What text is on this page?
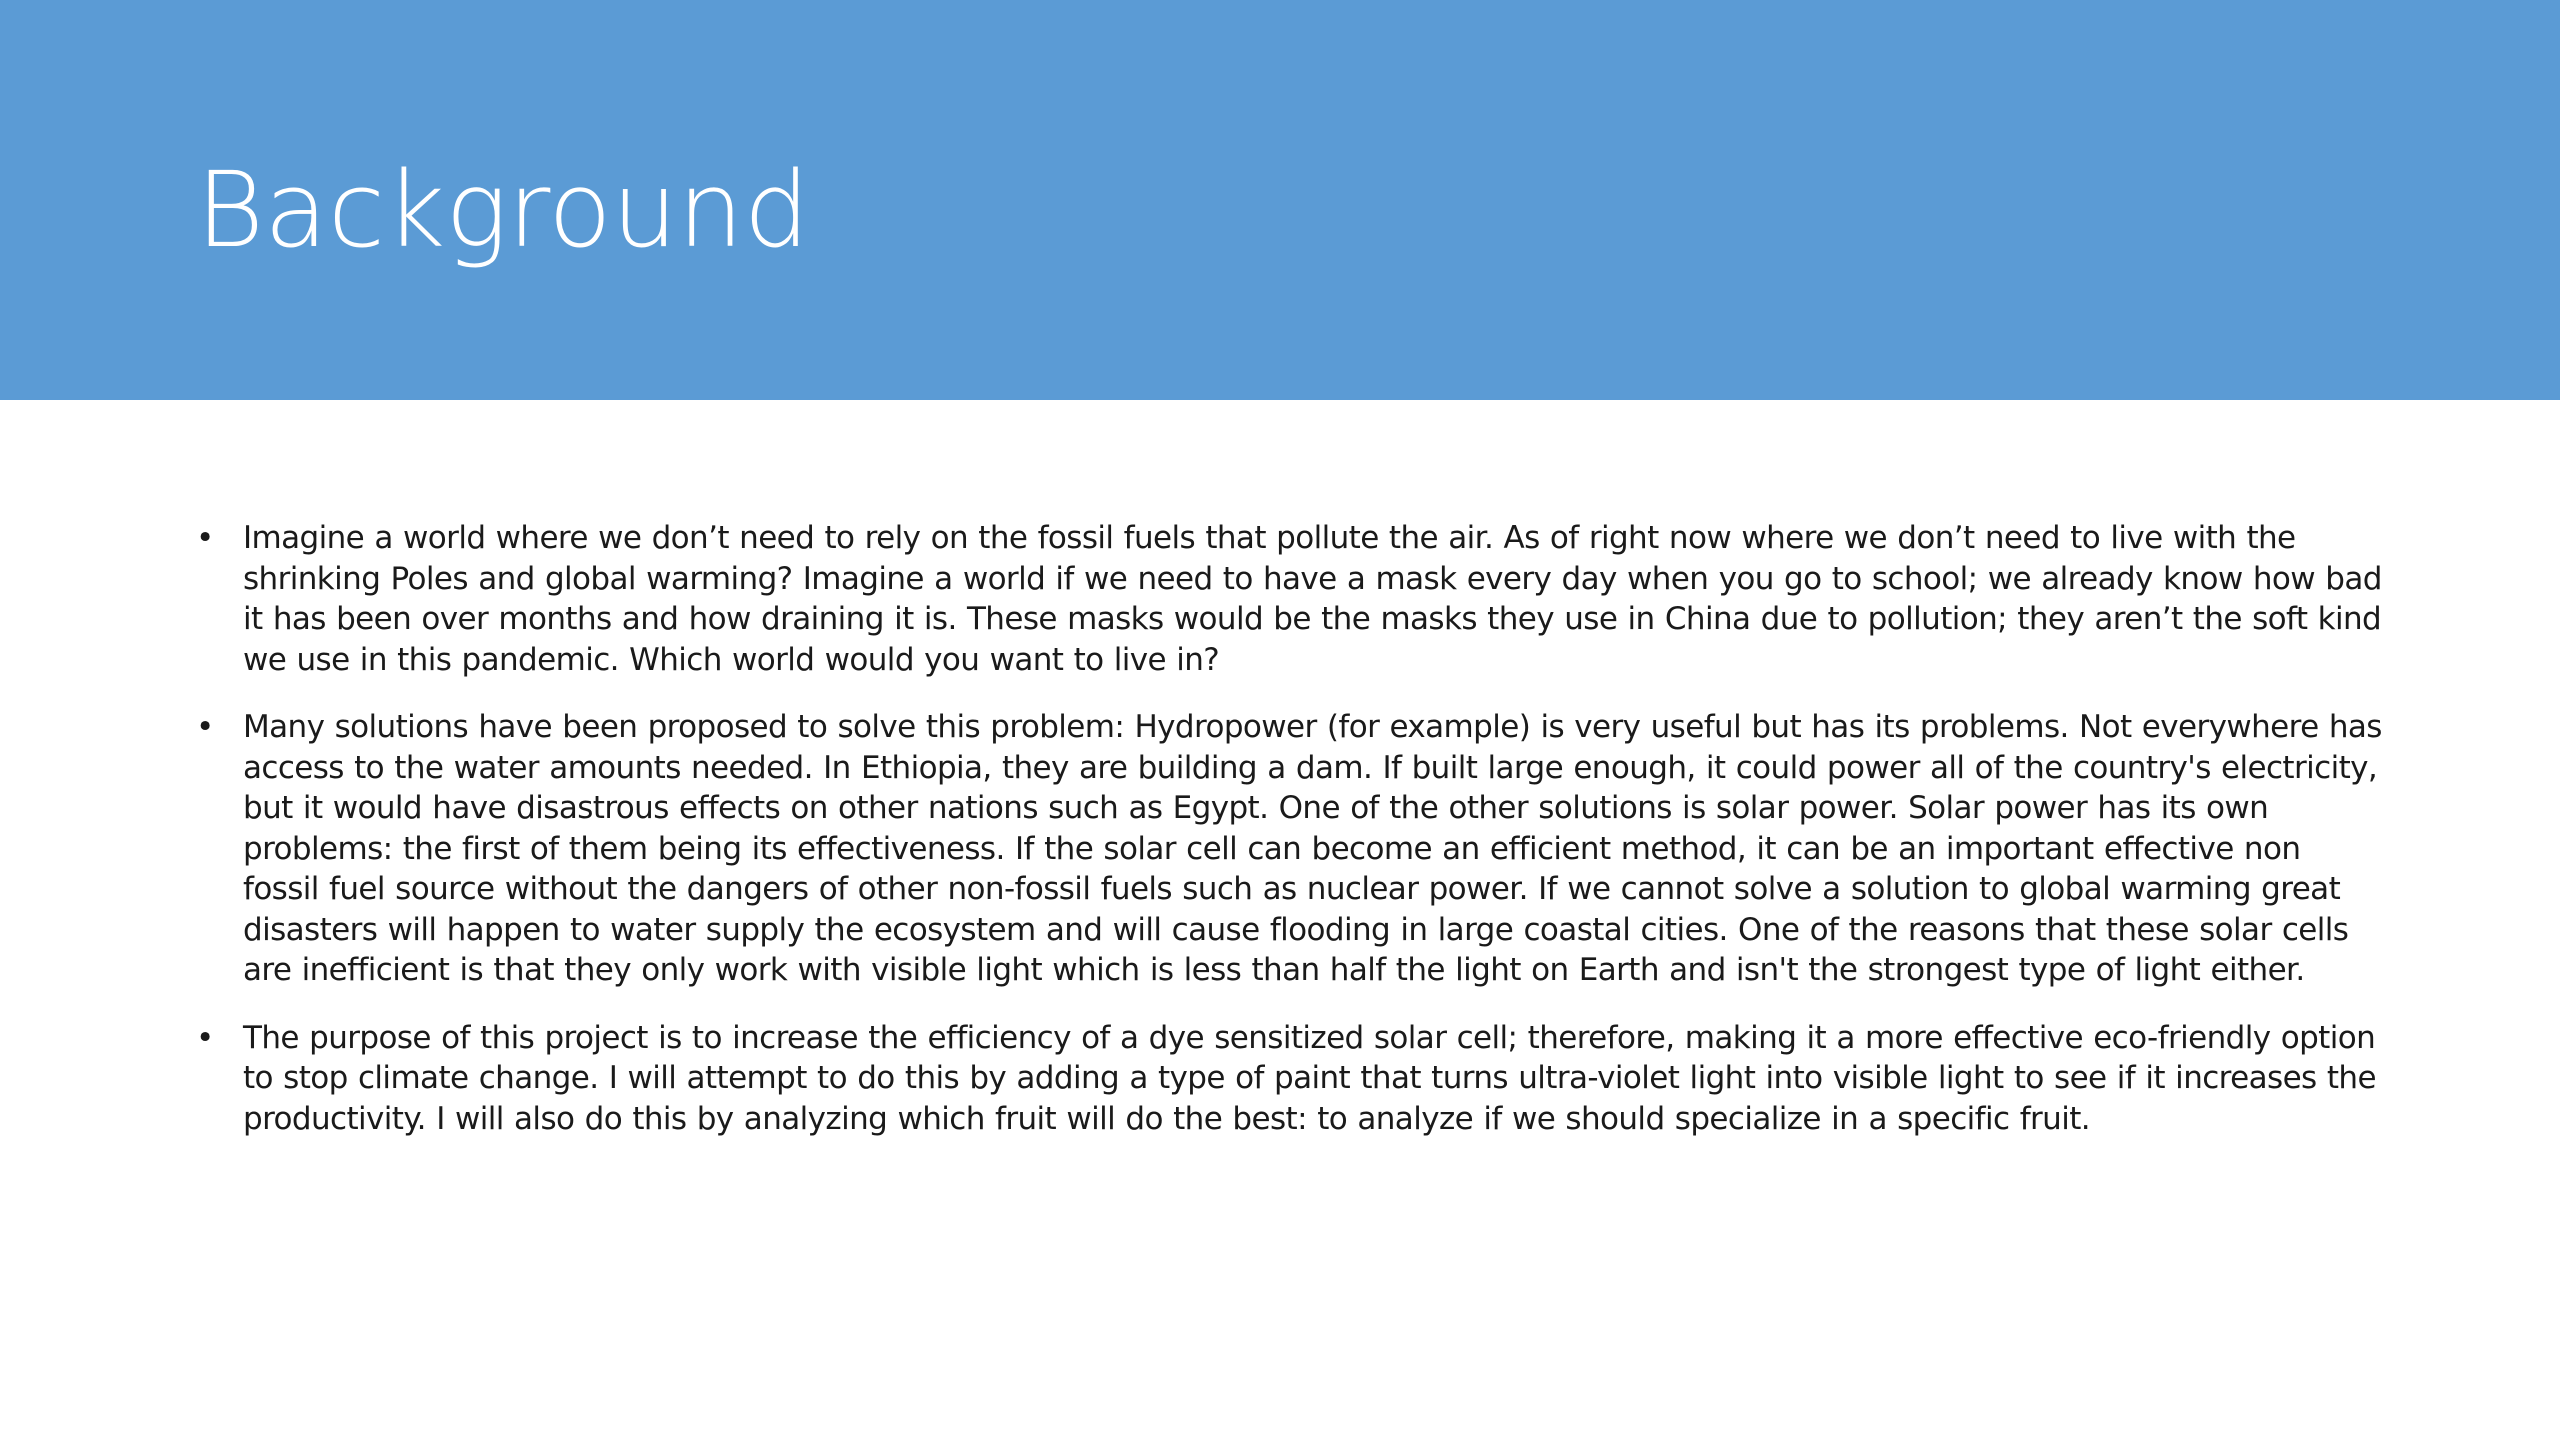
Background
• Imagine a world where we don’t need to rely on the fossil fuels that pollute the air. As of right now where we don’t need to live with the shrinking Poles and global warming? Imagine a world if we need to have a mask every day when you go to school; we already know how bad it has been over months and how draining it is. These masks would be the masks they use in China due to pollution; they aren’t the soft kind we use in this pandemic. Which world would you want to live in?
• Many solutions have been proposed to solve this problem: Hydropower (for example) is very useful but has its problems. Not everywhere has access to the water amounts needed. In Ethiopia, they are building a dam. If built large enough, it could power all of the country's electricity, but it would have disastrous effects on other nations such as Egypt. One of the other solutions is solar power. Solar power has its own problems: the first of them being its effectiveness. If the solar cell can become an efficient method, it can be an important effective non fossil fuel source without the dangers of other non-fossil fuels such as nuclear power. If we cannot solve a solution to global warming great disasters will happen to water supply the ecosystem and will cause flooding in large coastal cities. One of the reasons that these solar cells are inefficient is that they only work with visible light which is less than half the light on Earth and isn't the strongest type of light either.
• The purpose of this project is to increase the efficiency of a dye sensitized solar cell; therefore, making it a more effective eco-friendly option to stop climate change. I will attempt to do this by adding a type of paint that turns ultra-violet light into visible light to see if it increases the productivity. I will also do this by analyzing which fruit will do the best: to analyze if we should specialize in a specific fruit.
